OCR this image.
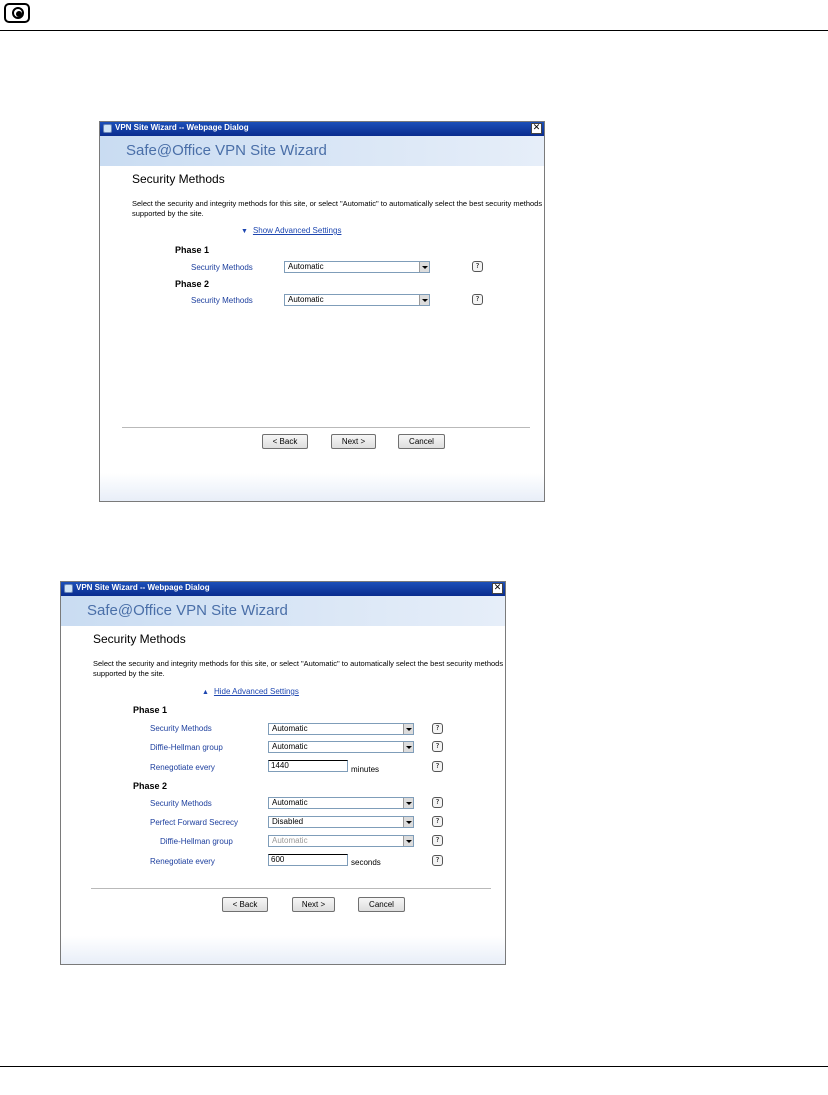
VPN Site Wizard -- Webpage Dialog	✕
Safe@Office VPN Site Wizard
Security Methods
Select the security and integrity methods for this site, or select "Automatic" to automatically select the best security methods supported by the site.
▼ Show Advanced Settings
Phase 1
Security Methods	Automatic	?
Phase 2
Security Methods	Automatic	?
< Back	Next >	Cancel
VPN Site Wizard -- Webpage Dialog	✕
Safe@Office VPN Site Wizard
Security Methods
Select the security and integrity methods for this site, or select "Automatic" to automatically select the best security methods supported by the site.
▲ Hide Advanced Settings
Phase 1
Security Methods	Automatic	?
Diffie-Hellman group	Automatic	?
Renegotiate every	1440	minutes	?
Phase 2
Security Methods	Automatic	?
Perfect Forward Secrecy	Disabled	?
Diffie-Hellman group	Automatic	?
Renegotiate every	600	seconds	?
< Back	Next >	Cancel
